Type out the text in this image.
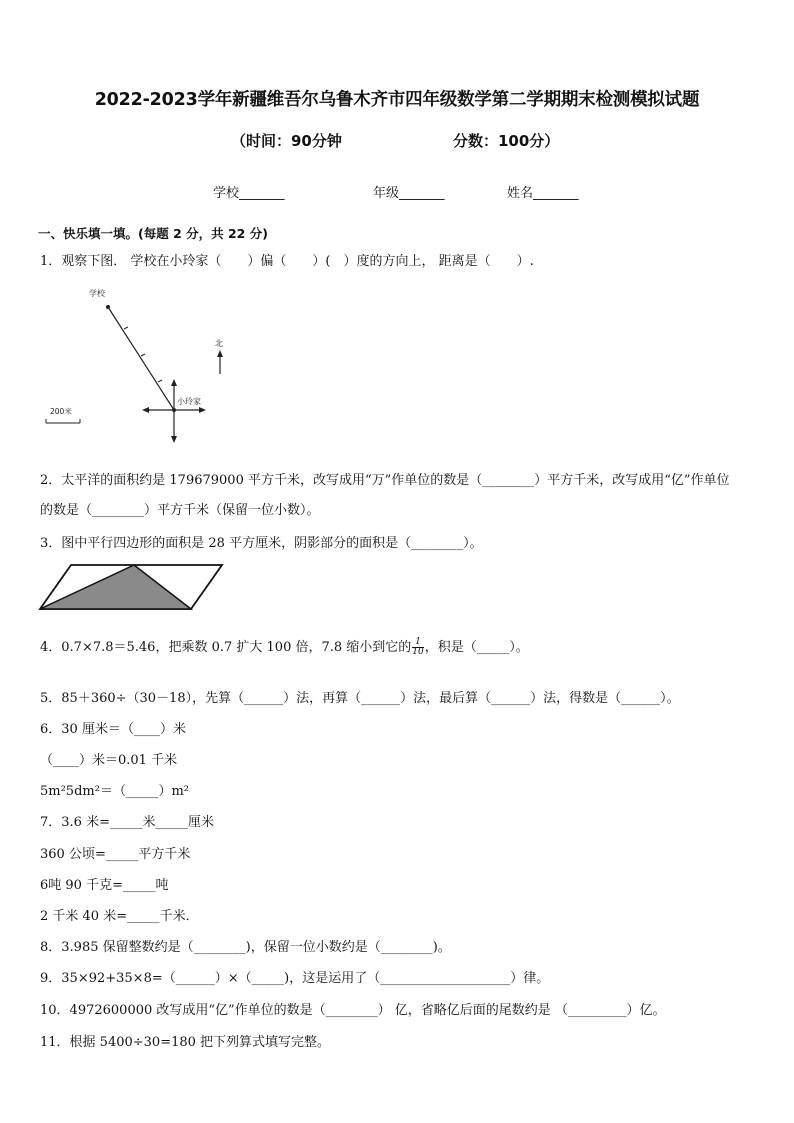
2022-2023学年新疆维吾尔乌鲁木齐市四年级数学第二学期期末检测模拟试题
（时间：90分钟	分数：100分）
学校_______	年级_______	姓名_______
一、快乐填一填。(每题 2 分，共 22 分)
1．观察下图． 学校在小玲家（　　）偏（　　）(　）度的方向上， 距离是（　　）.
学校
小玲家
北
200米
2．太平洋的面积约是 179679000 平方千米，改写成用“万”作单位的数是（________）平方千米，改写成用“亿”作单位
的数是（________）平方千米（保留一位小数）。
3．图中平行四边形的面积是 28 平方厘米，阴影部分的面积是（________）。
4．0.7×7.8＝5.46，把乘数 0.7 扩大 100 倍，7.8 缩小到它的 $\frac{1}{10}$ ，积是（_____）。
5．85＋360÷（30－18），先算（______）法，再算（______）法，最后算（______）法，得数是（______）。
6．30 厘米＝（____）米
（____）米＝0.01 千米
5m²5dm²＝（_____）m²
7．3.6 米=_____米_____厘米
360 公顷=_____平方千米
6吨 90 千克=_____吨
2 千米 40 米=_____千米．
8．3.985 保留整数约是（________)，保留一位小数约是（________)。
9．35×92+35×8=（______）×（_____)，这是运用了（____________________）律。
10．4972600000 改写成用“亿”作单位的数是（________） 亿，省略亿后面的尾数约是 （_________）亿。
11．根据 5400÷30=180 把下列算式填写完整。
